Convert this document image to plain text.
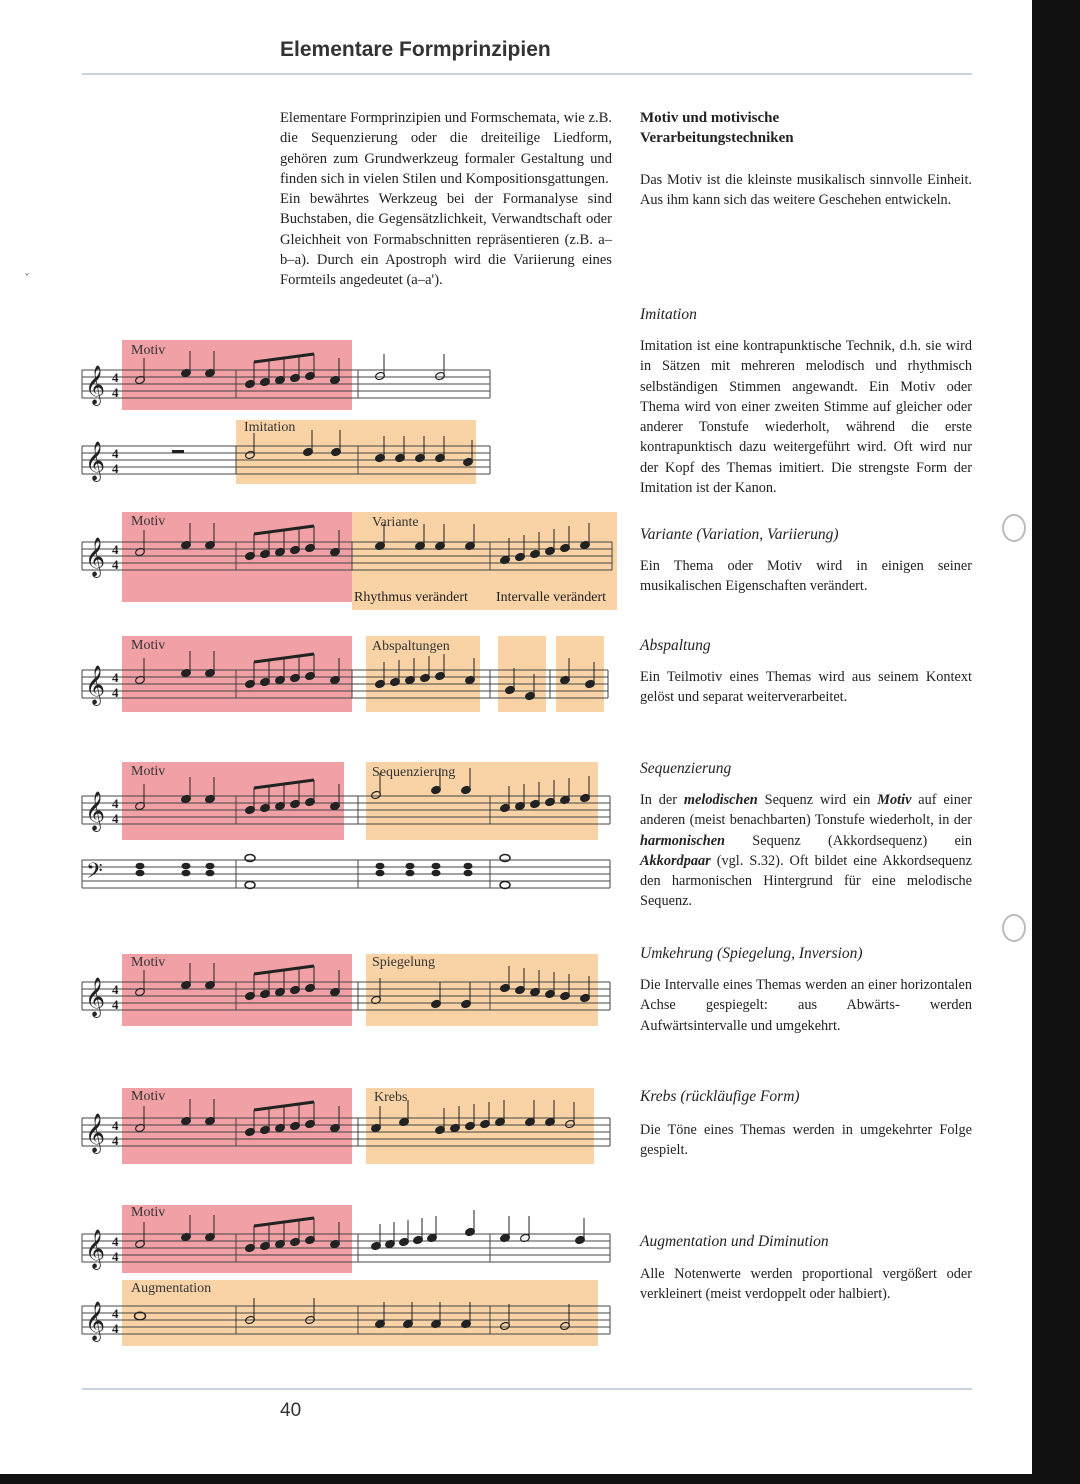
ˇ
Elementare Formprinzipien

Elementare Formprinzipien und Formschemata, wie z.B. die Sequenzierung oder die dreiteilige Liedform, gehören zum Grundwerkzeug formaler Gestaltung und finden sich in vielen Stilen und Kompositionsgattungen.

Ein bewährtes Werkzeug bei der Formanalyse sind Buchstaben, die Gegensätzlichkeit, Verwandtschaft oder Gleichheit von Formabschnitten repräsentieren (z.B. a–b–a). Durch ein Apostroph wird die Variierung eines Formteils angedeutet (a–a').

Motiv und motivische Verarbeitungstechniken

Das Motiv ist die kleinste musikalisch sinnvolle Einheit. Aus ihm kann sich das weitere Geschehen entwickeln.

Imitation

Imitation ist eine kontrapunktische Technik, d.h. sie wird in Sätzen mit mehreren melodisch und rhythmisch selbständigen Stimmen angewandt. Ein Motiv oder Thema wird von einer zweiten Stimme auf gleicher oder anderer Tonstufe wiederholt, während die erste kontrapunktisch dazu weitergeführt wird. Oft wird nur der Kopf des Themas imitiert. Die strengste Form der Imitation ist der Kanon.

Variante (Variation, Variierung)

Ein Thema oder Motiv wird in einigen seiner musikalischen Eigenschaften verändert.

Abspaltung

Ein Teilmotiv eines Themas wird aus seinem Kontext gelöst und separat weiterverarbeitet.

Sequenzierung

In der melodischen Sequenz wird ein Motiv auf einer anderen (meist benachbarten) Tonstufe wiederholt, in der harmonischen Sequenz (Akkordsequenz) ein Akkordpaar (vgl. S.32). Oft bildet eine Akkordsequenz den harmonischen Hintergrund für eine melodische Sequenz.

Umkehrung (Spiegelung, Inversion)

Die Intervalle eines Themas werden an einer horizontalen Achse gespiegelt: aus Abwärts- werden Aufwärtsintervalle und umgekehrt.

Krebs (rückläufige Form)

Die Töne eines Themas werden in umgekehrter Folge gespielt.

Augmentation und Diminution

Alle Notenwerte werden proportional vergößert oder verkleinert (meist verdoppelt oder halbiert).

𝄞 4
4
𝄞 4
4
𝄞 4
4
𝄞 4
4
𝄞 4
4
𝄢
𝄞 4
4
𝄞 4
4
𝄞 4
4
𝄞 4
4
Motiv
Imitation
Motiv	Variante
Rhythmus verändert Intervalle verändert
Motiv	Abspaltungen
Motiv	Sequenzierung
Motiv	Spiegelung
Motiv	Krebs
Motiv
Augmentation
40
